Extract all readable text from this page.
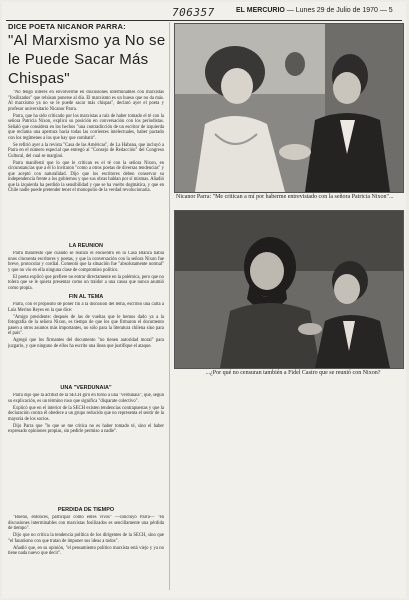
706357	EL MERCURIO — Lunes 29 de Julio de 1970 — 5
DICE POETA NICANOR PARRA:
"Al Marxismo ya No se le Puede Sacar Más Chispas"

"No tengo interés en envolverme en discusiones interminables con marxistas "fosilizados" que rehúsan ponerse al día. El marxismo es un hueso que no da más. Al marxismo ya no se le puede sacar más chispas", declaró ayer el poeta y profesor universitario Nicanor Parra.

Parra, que ha sido criticado por los marxistas a raíz de haber tomado el té con la señora Patricia Nixon, explicó su posición en conversación con los periodistas. Señaló que considera en los hechos "una contradicción de un escritor de izquierda que reclama una apertura hacia todas las corrientes intelectuales, haber pactado con los regímenes a los que hay que combatir".

Se refirió ayer a la revista "Casa de las Américas", de La Habana, que incluyó a Parra en el número especial que entregó al "Consejo de Redacción" del Congreso Cultural, del cual se marginó.

Parra manifestó que lo que le critican es el té con la señora Nixon, en circunstancias que a él lo invitaron "como a otros poetas de diversas tendencias" y que aceptó con naturalidad. Dijo que los escritores deben conservar su independencia frente a los gobiernos y que sus obras hablan por sí mismas. Añadió que la izquierda ha perdido la sensibilidad y que se ha vuelto dogmática, y que en Chile nadie puede pretender tener el monopolio de la verdad revolucionaria.

LA REUNION

Parra manifestó que cuando se realizó el encuentro en la Casa Blanca había unos cincuenta escritores y poetas, y que la conversación con la señora Nixon fue breve, protocolar y cordial. Comentó que la situación fue "absolutamente normal" y que no vio en ella ninguna clase de compromiso político.

El poeta explicó que prefiere no entrar directamente en la polémica, pero que no tolera que se le quiera presentar como un traidor a una causa que nunca asumió como propia.

FIN AL TEMA

Parra, con el propósito de poner fin a la discusión del tema, escribió una carta a Luis Merino Reyes en la que dice:

"Amigo presidente: después de las de vueltas que le hemos dado ya a la fotografía de la señora Nixon, es tiempo de que los que firmaron el documento pasen a otros asuntos más importantes, no sólo para la literatura chilena sino para el país".

Agregó que los firmantes del documento "no tienen autoridad moral" para juzgarlo, y que ninguno de ellos ha escrito una línea que justifique el ataque.

UNA "VERDUNAIA"

Parra dijo que la actitud de la SECH giró en torno a una "verdunaia", que, según su explicación, es un término ruso que significa "disparate colectivo".

Explicó que en el interior de la SECH existen tendencias contrapuestas y que la declaración contra él obedece a un grupo reducido que no representa el sentir de la mayoría de los socios.

Dijo Parra que "lo que se me critica no es haber tomado té, sino el haber expresado opiniones propias, sin pedirle permiso a nadie".

PERDIDA DE TIEMPO

"Bueno, entonces, participar como entes vivos" —concluyó Parra— "en discusiones interminables con marxistas fosilizados es sencillamente una pérdida de tiempo".

Dijo que no critica la tendencia política de los dirigentes de la SECH, sino que "el fanatismo con que tratan de imponer sus ideas a todos".

Añadió que, en su opinión, "el pensamiento político marxista está viejo y ya no tiene nada nuevo que decir".

Nicanor Parra: "Me critican a mí por haberme entrevistado con la señora Patricia Nixon"...
...¿Por qué no censuran también a Fidel Castro que se reunió con Nixon?
